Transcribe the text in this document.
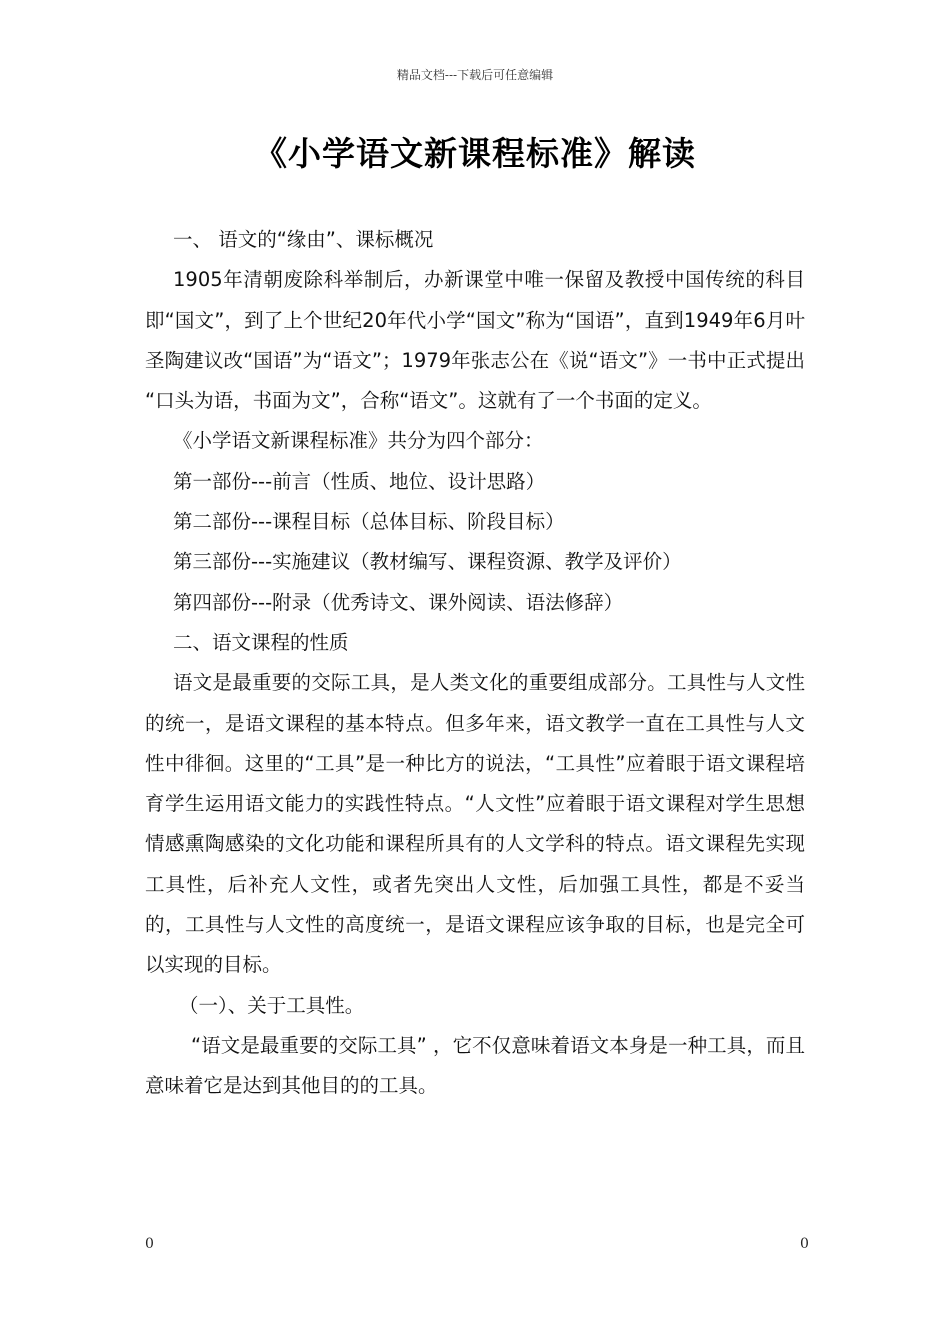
精品文档---下载后可任意编辑
《小学语文新课程标准》解读

一、 语文的“缘由”、课标概况

1905年清朝废除科举制后，办新课堂中唯一保留及教授中国传统的科目即“国文”，到了上个世纪20年代小学“国文”称为“国语”，直到1949年6月叶圣陶建议改“国语”为“语文”；1979年张志公在《说“语文”》一书中正式提出 “口头为语，书面为文”，合称“语文”。这就有了一个书面的定义。

《小学语文新课程标准》共分为四个部分：

第一部份---前言（性质、地位、设计思路）

第二部份---课程目标（总体目标、阶段目标）

第三部份---实施建议（教材编写、课程资源、教学及评价）

第四部份---附录（优秀诗文、课外阅读、语法修辞）

二、语文课程的性质

语文是最重要的交际工具，是人类文化的重要组成部分。工具性与人文性的统一，是语文课程的基本特点。但多年来，语文教学一直在工具性与人文性中徘徊。这里的“工具”是一种比方的说法，“工具性”应着眼于语文课程培育学生运用语文能力的实践性特点。“人文性”应着眼于语文课程对学生思想情感熏陶感染的文化功能和课程所具有的人文学科的特点。语文课程先实现工具性，后补充人文性，或者先突出人文性，后加强工具性，都是不妥当的，工具性与人文性的高度统一，是语文课程应该争取的目标，也是完全可以实现的目标。

（一）、关于工具性。

“语文是最重要的交际工具” ，它不仅意味着语文本身是一种工具，而且意味着它是达到其他目的的工具。

0	0
